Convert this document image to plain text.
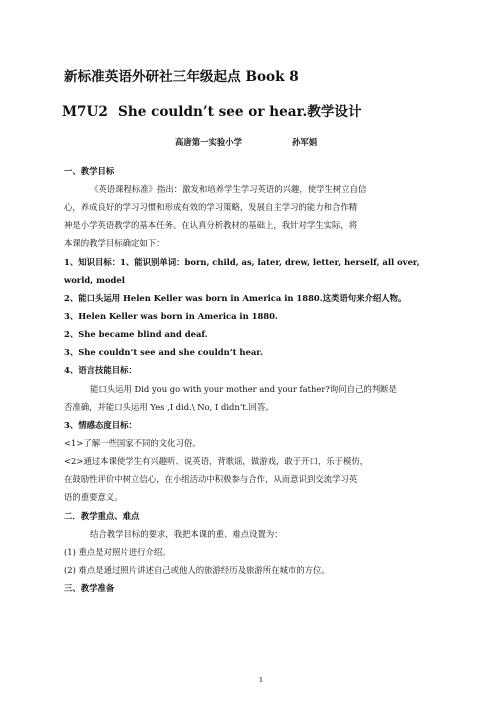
新标准英语外研社三年级起点 Book 8
M7U2 She couldn’t see or hear.教学设计
高唐第一实验小学	孙军娟
一、教学目标
《英语课程标准》指出：激发和培养学生学习英语的兴趣，使学生树立自信
心，养成良好的学习习惯和形成有效的学习策略，发展自主学习的能力和合作精
神是小学英语教学的基本任务。在认真分析教材的基础上，我针对学生实际，将
本课的教学目标确定如下：
1、知识目标：1、能识别单词：born, child, as, later, drew, letter, herself, all over,
world, model
2、能口头运用 Helen Keller was born in America in 1880.这类语句来介绍人物。
3、Helen Keller was born in America in 1880.
2、She became blind and deaf.
3、She couldn’t see and she couldn’t hear.
4、语言技能目标：
能口头运用 Did you go with your mother and your father?询问自己的判断是
否准确，并能口头运用 Yes ,I did.\ No, I didn’t.回答。
3、情感态度目标：
<1>了解一些国家不同的文化习俗。
<2>通过本课使学生有兴趣听、说英语，背歌谣，做游戏，敢于开口，乐于模仿，
在鼓励性评价中树立信心，在小组活动中积极参与合作，从而意识到交流学习英
语的重要意义。
二．教学重点、难点
结合教学目标的要求，我把本课的重、难点设置为：
(1) 重点是对照片进行介绍。
(2) 难点是通过照片讲述自己或他人的旅游经历及旅游所在城市的方位。
三、教学准备
1
